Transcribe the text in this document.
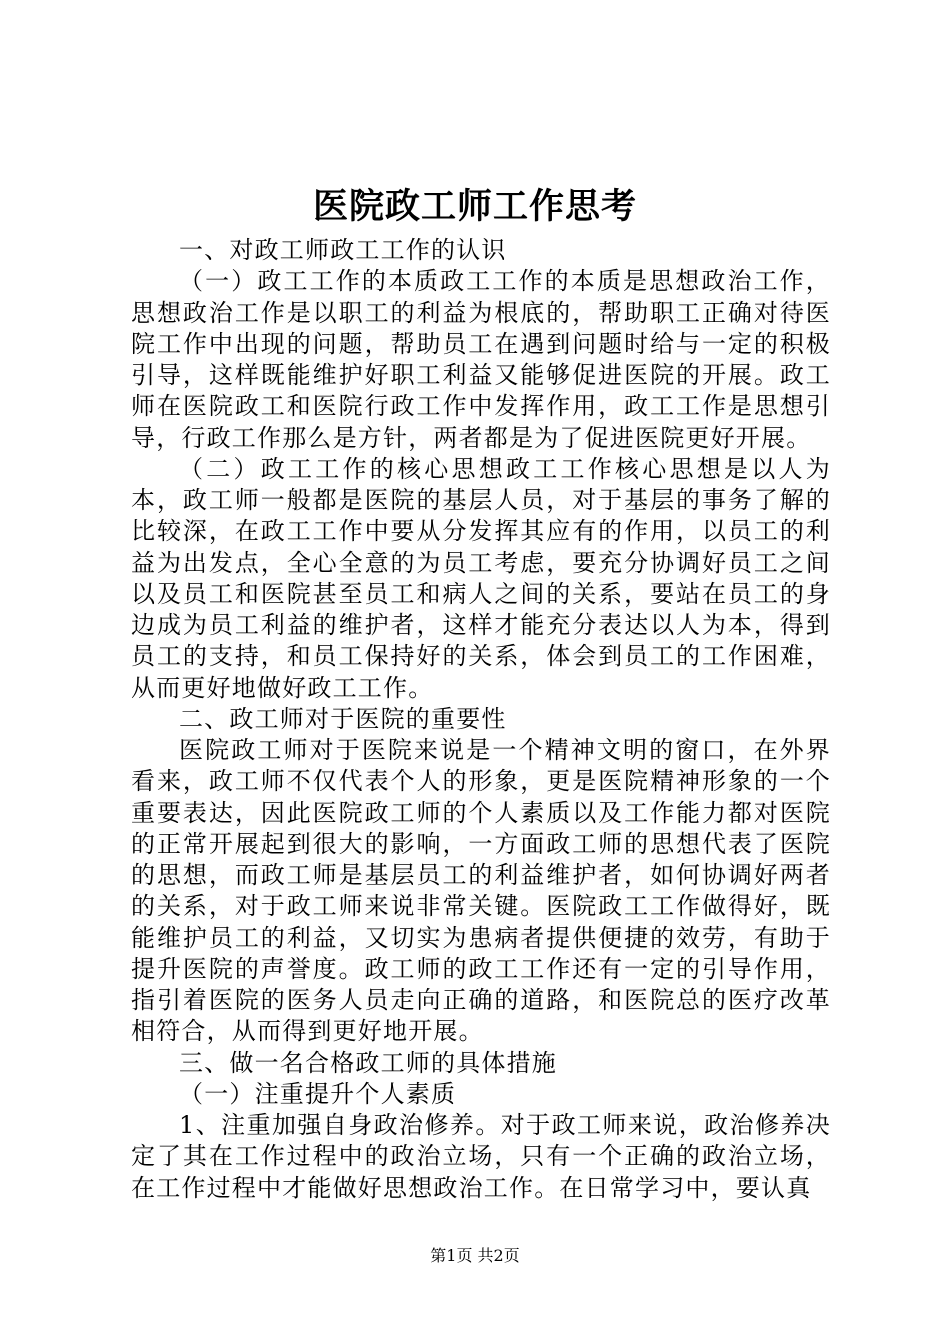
医院政工师工作思考

一、对政工师政工工作的认识

（一）政工工作的本质政工工作的本质是思想政治工作，思想政治工作是以职工的利益为根底的，帮助职工正确对待医院工作中出现的问题，帮助员工在遇到问题时给与一定的积极引导，这样既能维护好职工利益又能够促进医院的开展。政工师在医院政工和医院行政工作中发挥作用，政工工作是思想引导，行政工作那么是方针，两者都是为了促进医院更好开展。

（二）政工工作的核心思想政工工作核心思想是以人为本，政工师一般都是医院的基层人员，对于基层的事务了解的比较深，在政工工作中要从分发挥其应有的作用，以员工的利益为出发点，全心全意的为员工考虑，要充分协调好员工之间以及员工和医院甚至员工和病人之间的关系，要站在员工的身边成为员工利益的维护者，这样才能充分表达以人为本，得到员工的支持，和员工保持好的关系，体会到员工的工作困难，从而更好地做好政工工作。

二、政工师对于医院的重要性

医院政工师对于医院来说是一个精神文明的窗口，在外界看来，政工师不仅代表个人的形象，更是医院精神形象的一个重要表达，因此医院政工师的个人素质以及工作能力都对医院的正常开展起到很大的影响，一方面政工师的思想代表了医院的思想，而政工师是基层员工的利益维护者，如何协调好两者的关系，对于政工师来说非常关键。医院政工工作做得好，既能维护员工的利益，又切实为患病者提供便捷的效劳，有助于提升医院的声誉度。政工师的政工工作还有一定的引导作用，指引着医院的医务人员走向正确的道路，和医院总的医疗改革相符合，从而得到更好地开展。

三、做一名合格政工师的具体措施

（一）注重提升个人素质

1、注重加强自身政治修养。对于政工师来说，政治修养决定了其在工作过程中的政治立场，只有一个正确的政治立场，在工作过程中才能做好思想政治工作。在日常学习中，要认真

第1页 共2页
